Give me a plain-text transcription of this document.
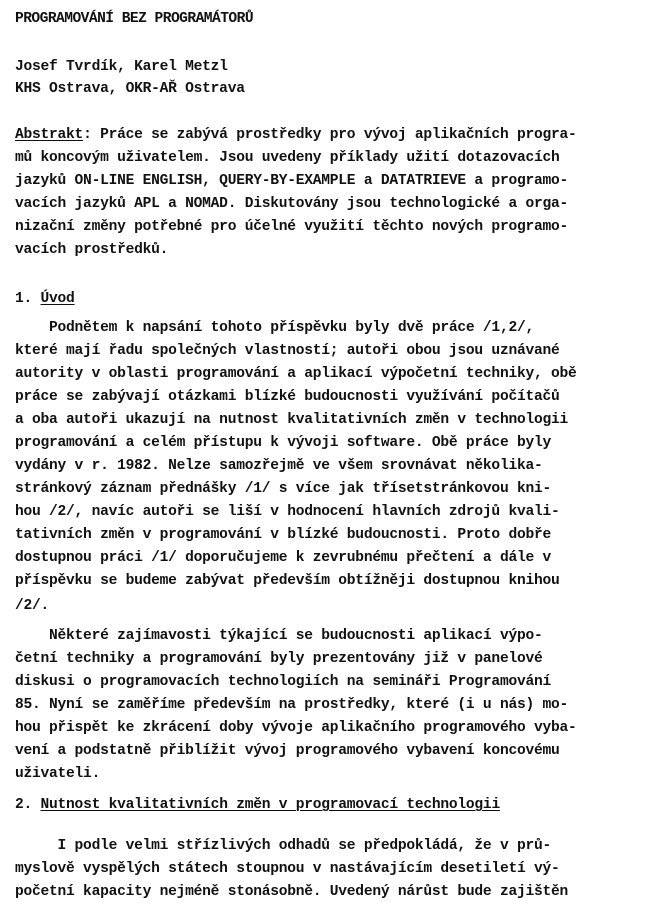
PROGRAMOVÁNÍ BEZ PROGRAMÁTORŮ
Josef Tvrdík, Karel Metzl
KHS Ostrava, OKR-AŘ Ostrava
Abstrakt: Práce se zabývá prostředky pro vývoj aplikačních progra-
mů koncovým uživatelem. Jsou uvedeny příklady užití dotazovacích
jazyků ON-LINE ENGLISH, QUERY-BY-EXAMPLE a DATATRIEVE a programo-
vacích jazyků APL a NOMAD. Diskutovány jsou technologické a orga-
nizační změny potřebné pro účelné využití těchto nových programo-
vacích prostředků.
1. Úvod
Podnětem k napsání tohoto příspěvku byly dvě práce /1,2/,
které mají řadu společných vlastností; autoři obou jsou uznávané
autority v oblasti programování a aplikací výpočetní techniky, obě
práce se zabývají otázkami blízké budoucnosti využívání počítačů
a oba autoři ukazují na nutnost kvalitativních změn v technologii
programování a celém přístupu k vývoji software. Obě práce byly
vydány v r. 1982. Nelze samozřejmě ve všem srovnávat několika-
stránkový záznam přednášky /1/ s více jak třísetstránkovou kni-
hou /2/, navíc autoři se liší v hodnocení hlavních zdrojů kvali-
tativních změn v programování v blízké budoucnosti. Proto dobře
dostupnou práci /1/ doporučujeme k zevrubnému přečtení a dále v
příspěvku se budeme zabývat především obtížněji dostupnou knihou
/2/.
Některé zajímavosti týkající se budoucnosti aplikací výpo-
četní techniky a programování byly prezentovány již v panelové
diskusi o programovacích technologiích na semináři Programování
85. Nyní se zaměříme především na prostředky, které (i u nás) mo-
hou přispět ke zkrácení doby vývoje aplikačního programového vyba-
vení a podstatně přiblížit vývoj programového vybavení koncovému
uživateli.
2. Nutnost kvalitativních změn v programovací technologii
I podle velmi střízlivých odhadů se předpokládá, že v prů-
myslově vyspělých státech stoupnou v nastávajícím desetiletí vý-
početní kapacity nejméně stonásobně. Uvedený nárůst bude zajištěn
